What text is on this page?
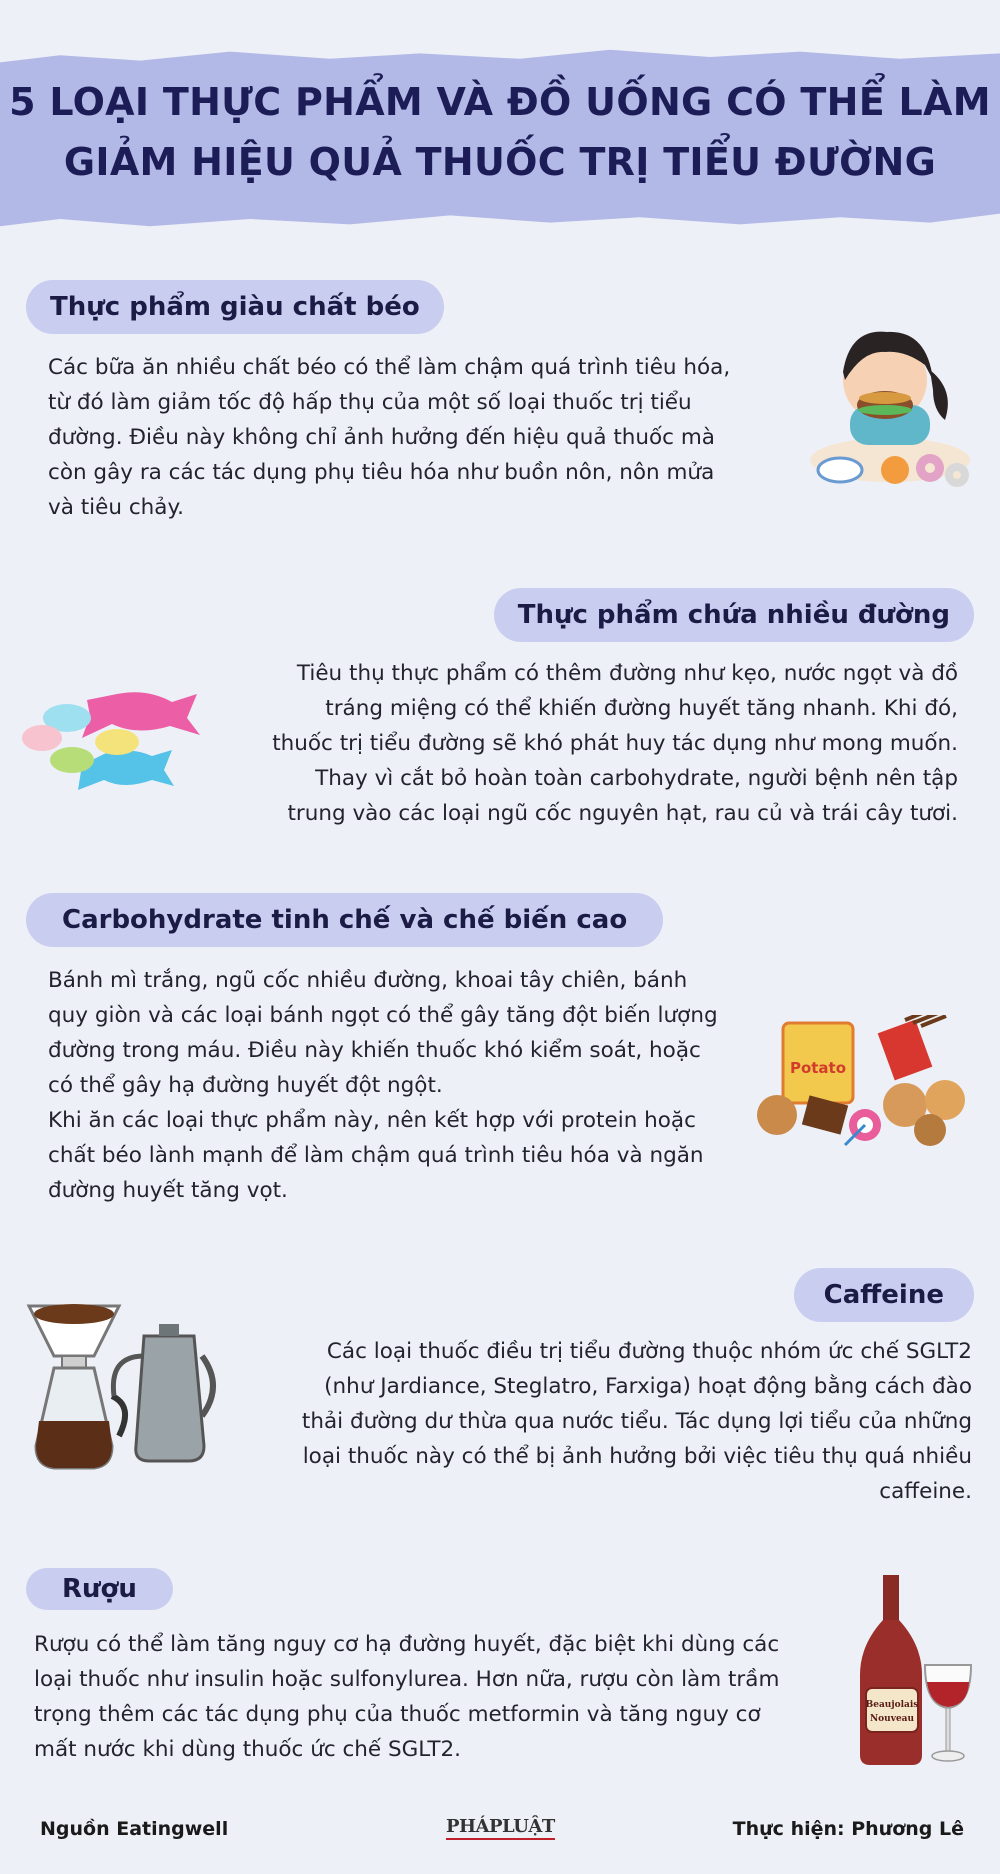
5 LOẠI THỰC PHẨM VÀ ĐỒ UỐNG CÓ THỂ LÀM
GIẢM HIỆU QUẢ THUỐC TRỊ TIỂU ĐƯỜNG
Thực phẩm giàu chất béo
Các bữa ăn nhiều chất béo có thể làm chậm quá trình tiêu hóa,
từ đó làm giảm tốc độ hấp thụ của một số loại thuốc trị tiểu
đường. Điều này không chỉ ảnh hưởng đến hiệu quả thuốc mà
còn gây ra các tác dụng phụ tiêu hóa như buồn nôn, nôn mửa
và tiêu chảy.
Thực phẩm chứa nhiều đường
Tiêu thụ thực phẩm có thêm đường như kẹo, nước ngọt và đồ
tráng miệng có thể khiến đường huyết tăng nhanh. Khi đó,
thuốc trị tiểu đường sẽ khó phát huy tác dụng như mong muốn.
Thay vì cắt bỏ hoàn toàn carbohydrate, người bệnh nên tập
trung vào các loại ngũ cốc nguyên hạt, rau củ và trái cây tươi.
Carbohydrate tinh chế và chế biến cao
Bánh mì trắng, ngũ cốc nhiều đường, khoai tây chiên, bánh
quy giòn và các loại bánh ngọt có thể gây tăng đột biến lượng
đường trong máu. Điều này khiến thuốc khó kiểm soát, hoặc
có thể gây hạ đường huyết đột ngột.
Khi ăn các loại thực phẩm này, nên kết hợp với protein hoặc
chất béo lành mạnh để làm chậm quá trình tiêu hóa và ngăn
đường huyết tăng vọt.
Potato
Caffeine
Các loại thuốc điều trị tiểu đường thuộc nhóm ức chế SGLT2
(như Jardiance, Steglatro, Farxiga) hoạt động bằng cách đào
thải đường dư thừa qua nước tiểu. Tác dụng lợi tiểu của những
loại thuốc này có thể bị ảnh hưởng bởi việc tiêu thụ quá nhiều
caffeine.
Rượu
Rượu có thể làm tăng nguy cơ hạ đường huyết, đặc biệt khi dùng các
loại thuốc như insulin hoặc sulfonylurea. Hơn nữa, rượu còn làm trầm
trọng thêm các tác dụng phụ của thuốc metformin và tăng nguy cơ
mất nước khi dùng thuốc ức chế SGLT2.
Beaujolais
Nouveau
Nguồn Eatingwell	PHÁPLUẬT	Thực hiện: Phương Lê
